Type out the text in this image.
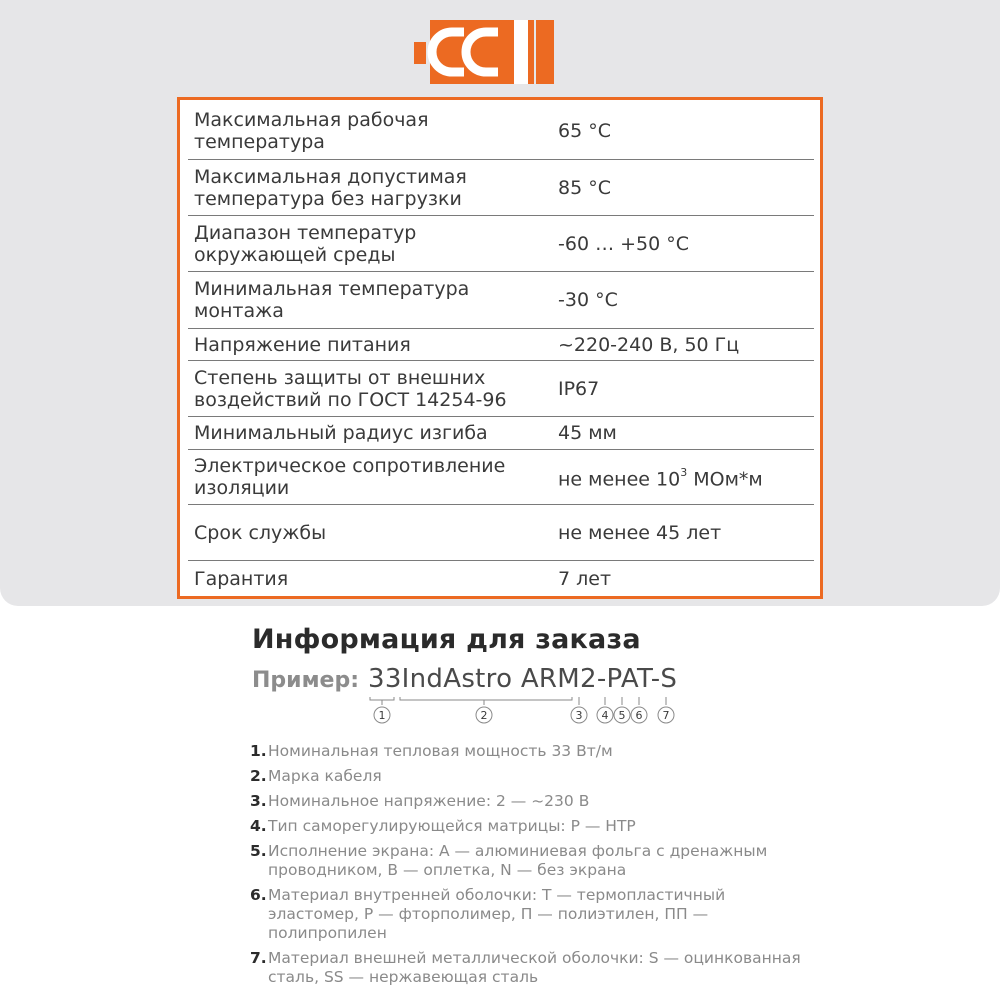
Максимальная рабочая температура	65 °C
Максимальная допустимая температура без нагрузки	85 °C
Диапазон температур окружающей среды	-60 … +50 °C
Минимальная температура монтажа	-30 °C
Напряжение питания	~220-240 В, 50 Гц
Степень защиты от внешних воздействий по ГОСТ 14254-96	IP67
Минимальный радиус изгиба	45 мм
Электрическое сопротивление изоляции	не менее $10^3$ МОм*м
Срок службы	не менее 45 лет
Гарантия	7 лет
Информация для заказа
Пример: 33IndAstro ARM2-PAT-S
1	2	3 4 5 6 7
1. Номинальная тепловая мощность 33 Вт/м
2. Марка кабеля
3. Номинальное напряжение: 2 — ~230 В
4. Тип саморегулирующейся матрицы: P — HTP
5. Исполнение экрана: A — алюминиевая фольга с дренажным проводником, B — оплетка, N — без экрана
6. Материал внутренней оболочки: T — термопластичный эластомер, P — фторполимер, П — полиэтилен, ПП — полипропилен
7. Материал внешней металлической оболочки: S — оцинкованная сталь, SS — нержавеющая сталь
